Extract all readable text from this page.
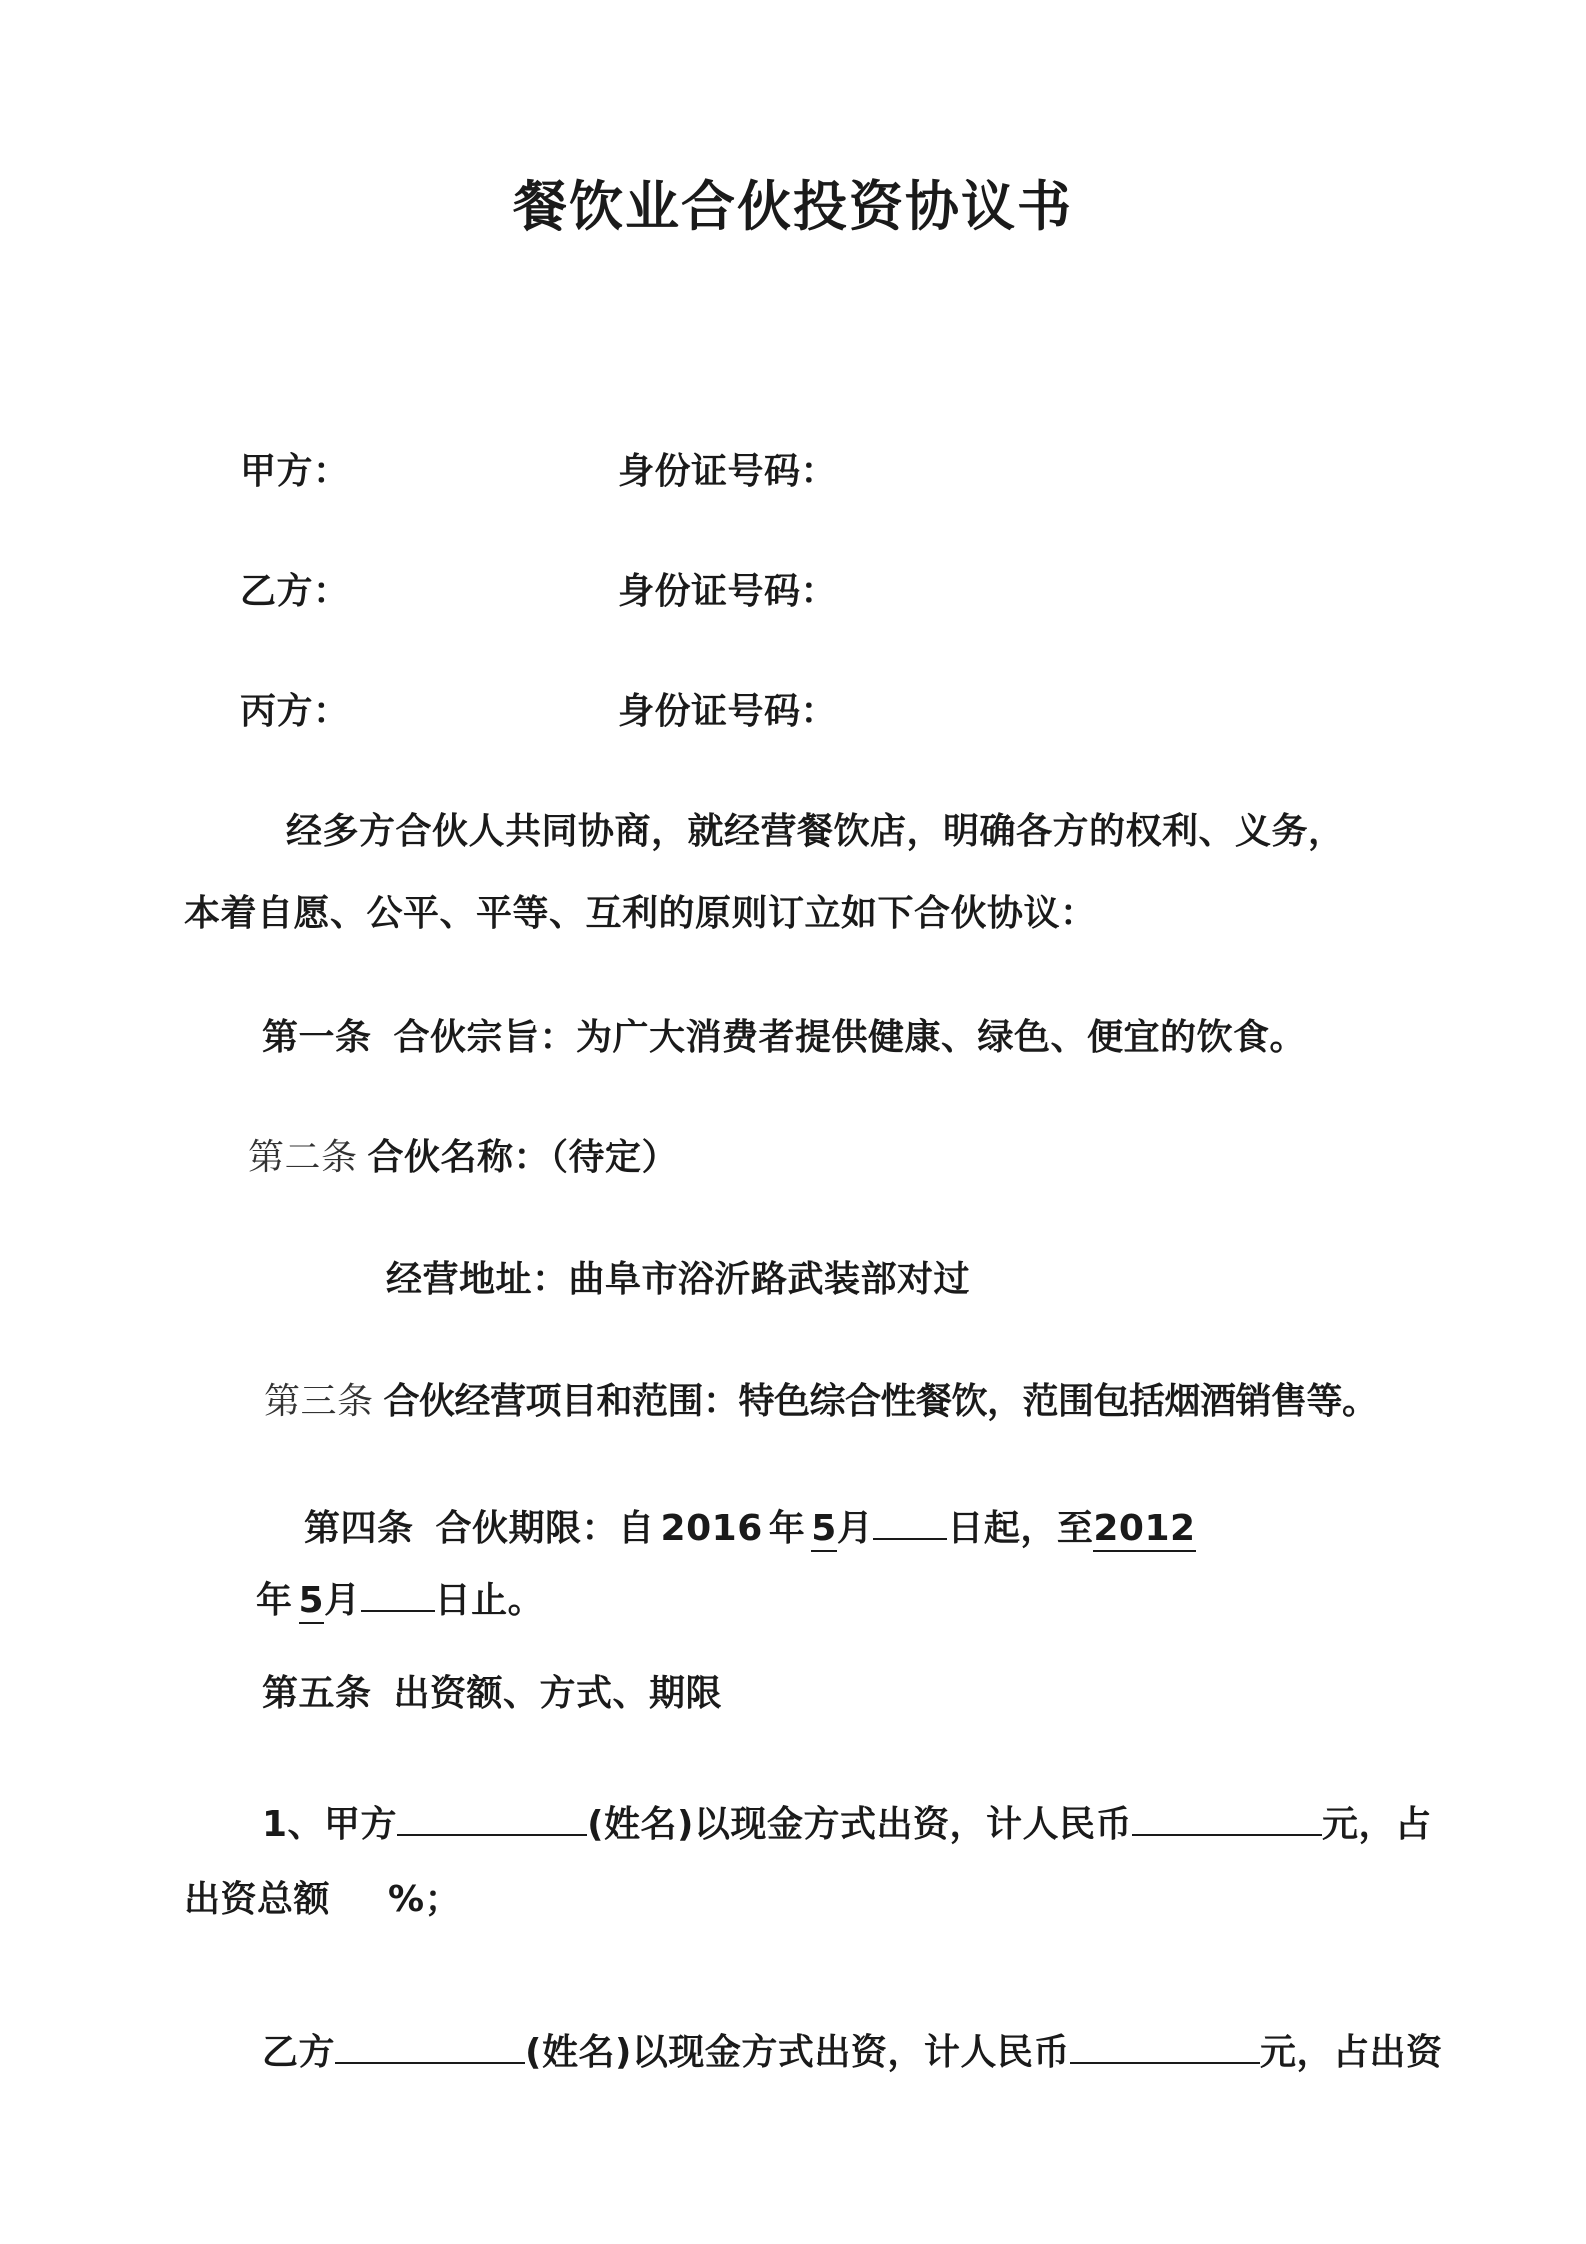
餐饮业合伙投资协议书
甲方：	身份证号码：
乙方：	身份证号码：
丙方：	身份证号码：
经多方合伙人共同协商，就经营餐饮店，明确各方的权利、义务，
本着自愿、公平、平等、互利的原则订立如下合伙协议：
第一条 合伙宗旨：为广大消费者提供健康、绿色、便宜的饮食。
第二条 合伙名称：（待定）
经营地址：曲阜市浴沂路武装部对过
第三条 合伙经营项目和范围：特色综合性餐饮，范围包括烟酒销售等。
第四条 合伙期限：自 2016 年 5月 日起，至2012
年 5月 日止。
第五条 出资额、方式、期限
1、甲方	(姓名)以现金方式出资，计人民币	元，占
出资总额 %；
乙方	(姓名)以现金方式出资，计人民币	元，占出资
